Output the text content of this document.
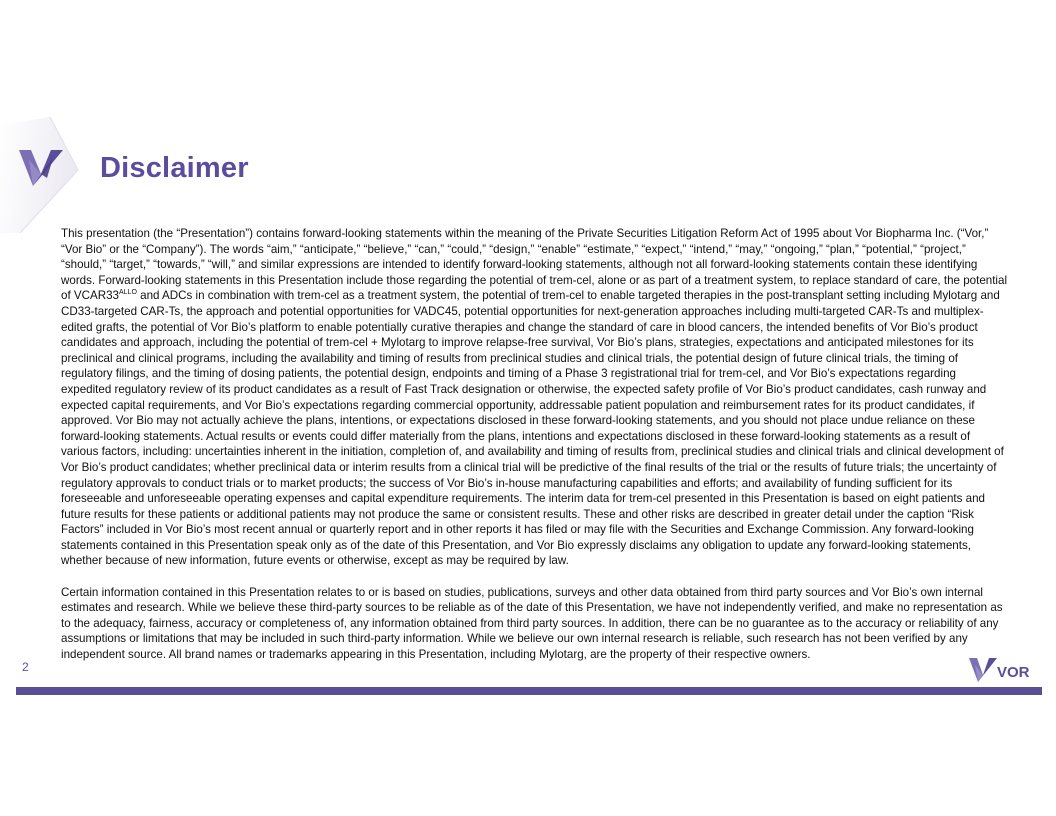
Disclaimer

This presentation (the “Presentation”) contains forward-looking statements within the meaning of the Private Securities Litigation Reform Act of 1995 about Vor Biopharma Inc. (“Vor,” “Vor Bio” or the “Company”). The words “aim,” “anticipate,” “believe,” “can,” “could,” “design,” “enable” “estimate,” “expect,” “intend,” “may,” “ongoing,” “plan,” “potential,” “project,” “should,” “target,” “towards,” “will,” and similar expressions are intended to identify forward-looking statements, although not all forward-looking statements contain these identifying words. Forward-looking statements in this Presentation include those regarding the potential of trem-cel, alone or as part of a treatment system, to replace standard of care, the potential of $VCAR33^{ALLO}$ and ADCs in combination with trem-cel as a treatment system, the potential of trem-cel to enable targeted therapies in the post-transplant setting including Mylotarg and CD33-targeted CAR-Ts, the approach and potential opportunities for VADC45, potential opportunities for next-generation approaches including multi-targeted CAR-Ts and multiplex-edited grafts, the potential of Vor Bio’s platform to enable potentially curative therapies and change the standard of care in blood cancers, the intended benefits of Vor Bio’s product candidates and approach, including the potential of trem-cel + Mylotarg to improve relapse-free survival, Vor Bio’s plans, strategies, expectations and anticipated milestones for its preclinical and clinical programs, including the availability and timing of results from preclinical studies and clinical trials, the potential design of future clinical trials, the timing of regulatory filings, and the timing of dosing patients, the potential design, endpoints and timing of a Phase 3 registrational trial for trem-cel, and Vor Bio’s expectations regarding expedited regulatory review of its product candidates as a result of Fast Track designation or otherwise, the expected safety profile of Vor Bio’s product candidates, cash runway and expected capital requirements, and Vor Bio’s expectations regarding commercial opportunity, addressable patient population and reimbursement rates for its product candidates, if approved. Vor Bio may not actually achieve the plans, intentions, or expectations disclosed in these forward-looking statements, and you should not place undue reliance on these forward-looking statements. Actual results or events could differ materially from the plans, intentions and expectations disclosed in these forward-looking statements as a result of various factors, including: uncertainties inherent in the initiation, completion of, and availability and timing of results from, preclinical studies and clinical trials and clinical development of Vor Bio’s product candidates; whether preclinical data or interim results from a clinical trial will be predictive of the final results of the trial or the results of future trials; the uncertainty of regulatory approvals to conduct trials or to market products; the success of Vor Bio’s in-house manufacturing capabilities and efforts; and availability of funding sufficient for its foreseeable and unforeseeable operating expenses and capital expenditure requirements. The interim data for trem-cel presented in this Presentation is based on eight patients and future results for these patients or additional patients may not produce the same or consistent results. These and other risks are described in greater detail under the caption “Risk Factors” included in Vor Bio’s most recent annual or quarterly report and in other reports it has filed or may file with the Securities and Exchange Commission. Any forward-looking statements contained in this Presentation speak only as of the date of this Presentation, and Vor Bio expressly disclaims any obligation to update any forward-looking statements, whether because of new information, future events or otherwise, except as may be required by law.

Certain information contained in this Presentation relates to or is based on studies, publications, surveys and other data obtained from third party sources and Vor Bio’s own internal estimates and research. While we believe these third-party sources to be reliable as of the date of this Presentation, we have not independently verified, and make no representation as to the adequacy, fairness, accuracy or completeness of, any information obtained from third party sources. In addition, there can be no guarantee as to the accuracy or reliability of any assumptions or limitations that may be included in such third-party information. While we believe our own internal research is reliable, such research has not been verified by any independent source. All brand names or trademarks appearing in this Presentation, including Mylotarg, are the property of their respective owners.

2	VOR
